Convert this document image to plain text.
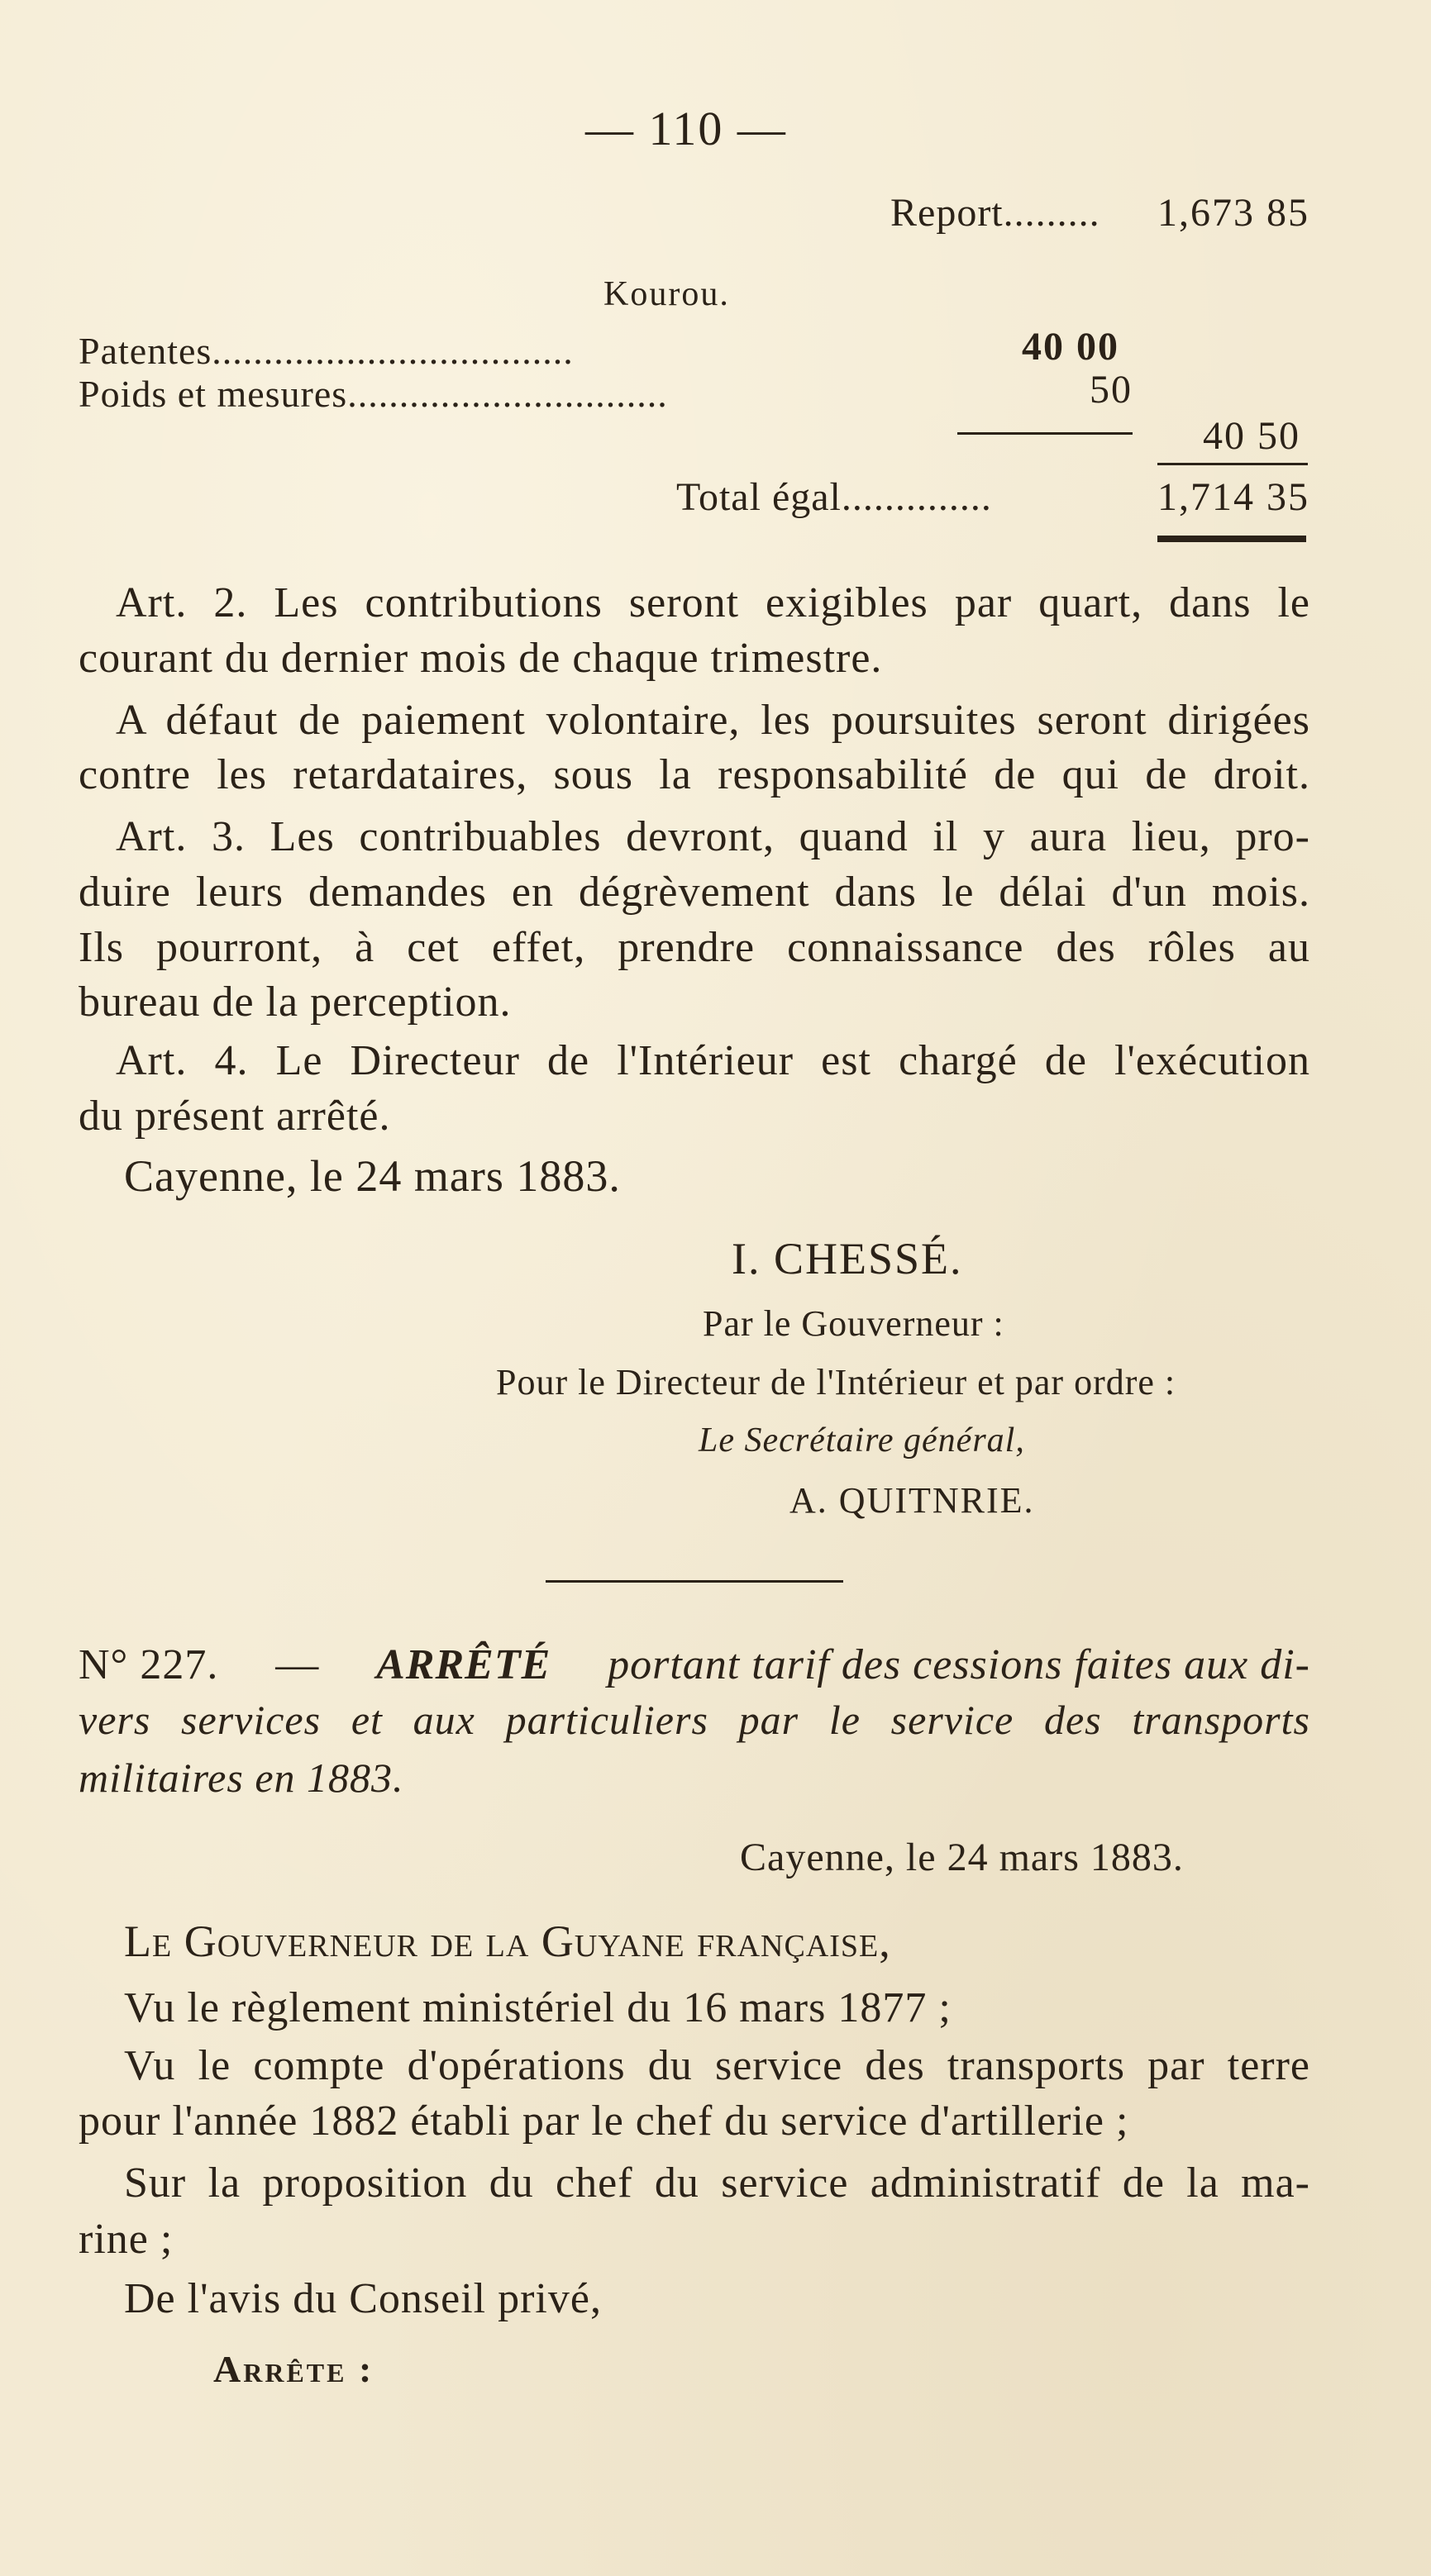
— 110 —
Report......... 1,673 85
Kourou.
Patentes...................................	40 00
Poids et mesures...............................	50
40 50
Total égal..............	1,714 35
Art. 2. Les contributions seront exigibles par quart, dans le
courant du dernier mois de chaque trimestre.
A défaut de paiement volontaire, les poursuites seront dirigées
contre les retardataires, sous la responsabilité de qui de droit.
Art. 3. Les contribuables devront, quand il y aura lieu, pro-
duire leurs demandes en dégrèvement dans le délai d'un mois.
Ils pourront, à cet effet, prendre connaissance des rôles au
bureau de la perception.
Art. 4. Le Directeur de l'Intérieur est chargé de l'exécution
du présent arrêté.
Cayenne, le 24 mars 1883.
I. CHESSÉ.
Par le Gouverneur :
Pour le Directeur de l'Intérieur et par ordre :
Le Secrétaire général,
A. QUITNRIE.
N° 227. — ARRÊTÉ portant tarif des cessions faites aux di-
vers services et aux particuliers par le service des transports
militaires en 1883.
Cayenne, le 24 mars 1883.
Le Gouverneur de la Guyane française,
Vu le règlement ministériel du 16 mars 1877 ;
Vu le compte d'opérations du service des transports par terre
pour l'année 1882 établi par le chef du service d'artillerie ;
Sur la proposition du chef du service administratif de la ma-
rine ;
De l'avis du Conseil privé,
Arrête :
